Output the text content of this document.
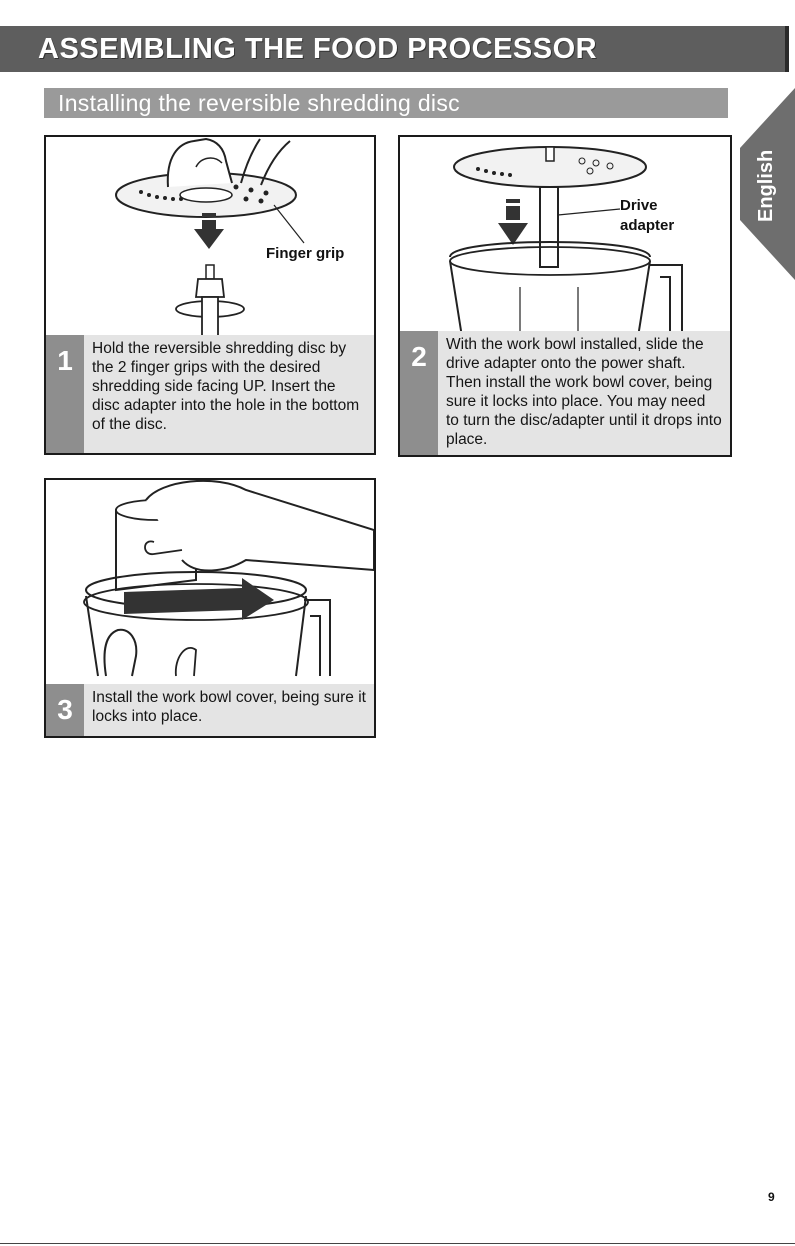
ASSEMBLING THE FOOD PROCESSOR
Installing the reversible shredding disc
English
Finger grip
1	Hold the reversible shredding disc by the 2 finger grips with the desired shredding side facing UP. Insert the disc adapter into the hole in the bottom of the disc.
Drive
adapter
2	With the work bowl installed, slide the drive adapter onto the power shaft. Then install the work bowl cover, being sure it locks into place. You may need to turn the disc/adapter until it drops into place.
3	Install the work bowl cover, being sure it locks into place.
9
